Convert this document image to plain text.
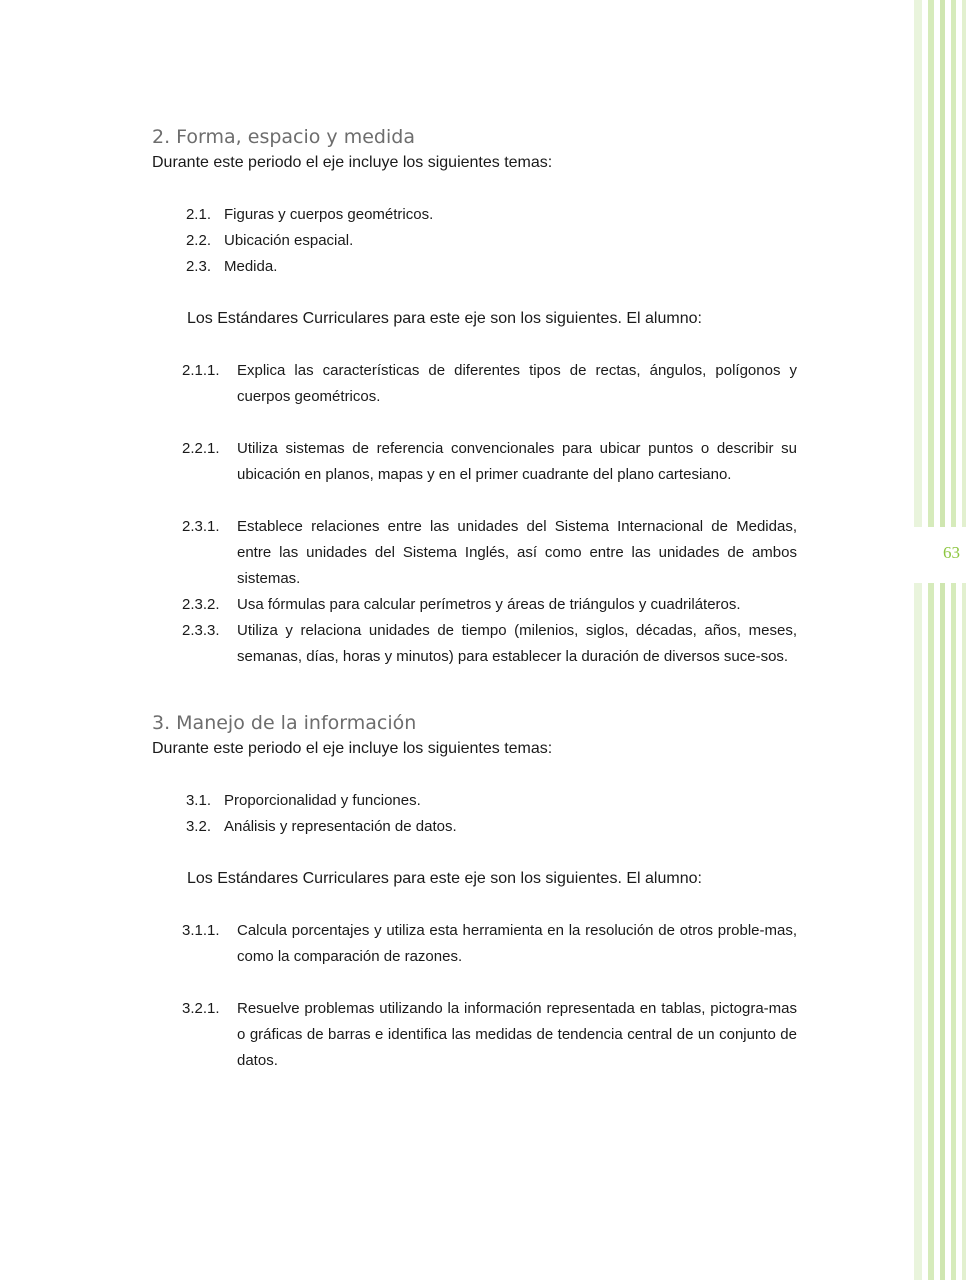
63
2. Forma, espacio y medida

Durante este periodo el eje incluye los siguientes temas:

2.1. Figuras y cuerpos geométricos.
2.2. Ubicación espacial.
2.3. Medida.

Los Estándares Curriculares para este eje son los siguientes. El alumno:

2.1.1.	Explica las características de diferentes tipos de rectas, ángulos, polígonos y cuerpos geométricos.
2.2.1.	Utiliza sistemas de referencia convencionales para ubicar puntos o describir su ubicación en planos, mapas y en el primer cuadrante del plano cartesiano.
2.3.1.	Establece relaciones entre las unidades del Sistema Internacional de Medidas, entre las unidades del Sistema Inglés, así como entre las unidades de ambos sistemas.
2.3.2.	Usa fórmulas para calcular perímetros y áreas de triángulos y cuadriláteros.
2.3.3.	Utiliza y relaciona unidades de tiempo (milenios, siglos, décadas, años, meses, semanas, días, horas y minutos) para establecer la duración de diversos suce-sos.
3. Manejo de la información

Durante este periodo el eje incluye los siguientes temas:

3.1. Proporcionalidad y funciones.
3.2. Análisis y representación de datos.

Los Estándares Curriculares para este eje son los siguientes. El alumno:

3.1.1.	Calcula porcentajes y utiliza esta herramienta en la resolución de otros proble-mas, como la comparación de razones.
3.2.1.	Resuelve problemas utilizando la información representada en tablas, pictogra-mas o gráficas de barras e identifica las medidas de tendencia central de un conjunto de datos.
